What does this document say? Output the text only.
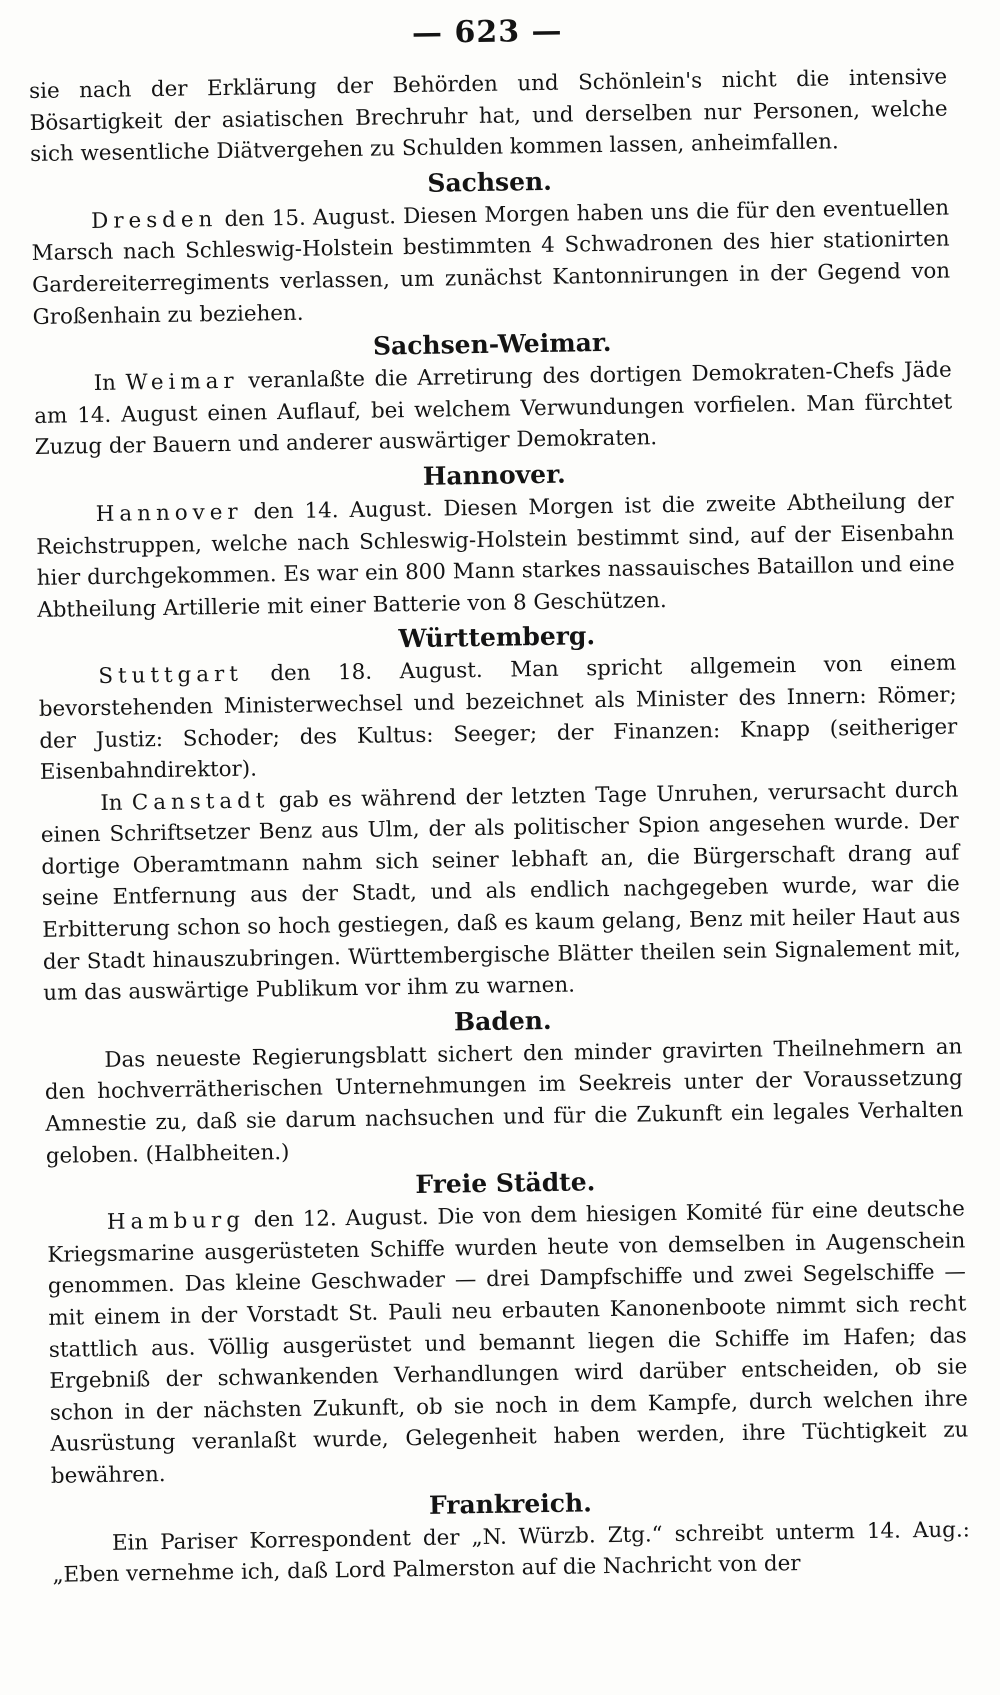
— 623 —

sie nach der Erklärung der Behörden und Schönlein's nicht die intensive Bösartigkeit der asiatischen Brechruhr hat, und derselben nur Personen, welche sich wesentliche Diätvergehen zu Schulden kommen lassen, anheimfallen.

Sachsen.

Dresden den 15. August. Diesen Morgen haben uns die für den eventuellen Marsch nach Schleswig-Holstein bestimmten 4 Schwadronen des hier stationirten Gardereiterregiments verlassen, um zunächst Kantonnirungen in der Gegend von Großenhain zu beziehen.

Sachsen-Weimar.

In Weimar veranlaßte die Arretirung des dortigen Demokraten-Chefs Jäde am 14. August einen Auflauf, bei welchem Verwundungen vorfielen. Man fürchtet Zuzug der Bauern und anderer auswärtiger Demokraten.

Hannover.

Hannover den 14. August. Diesen Morgen ist die zweite Abtheilung der Reichstruppen, welche nach Schleswig-Holstein bestimmt sind, auf der Eisenbahn hier durchgekommen. Es war ein 800 Mann starkes nassauisches Bataillon und eine Abtheilung Artillerie mit einer Batterie von 8 Geschützen.

Württemberg.

Stuttgart den 18. August. Man spricht allgemein von einem bevorstehenden Ministerwechsel und bezeichnet als Minister des Innern: Römer; der Justiz: Schoder; des Kultus: Seeger; der Finanzen: Knapp (seitheriger Eisenbahndirektor).

In Canstadt gab es während der letzten Tage Unruhen, verursacht durch einen Schriftsetzer Benz aus Ulm, der als politischer Spion angesehen wurde. Der dortige Oberamtmann nahm sich seiner lebhaft an, die Bürgerschaft drang auf seine Entfernung aus der Stadt, und als endlich nachgegeben wurde, war die Erbitterung schon so hoch gestiegen, daß es kaum gelang, Benz mit heiler Haut aus der Stadt hinauszubringen. Württembergische Blätter theilen sein Signalement mit, um das auswärtige Publikum vor ihm zu warnen.

Baden.

Das neueste Regierungsblatt sichert den minder gravirten Theilnehmern an den hochverrätherischen Unternehmungen im Seekreis unter der Voraussetzung Amnestie zu, daß sie darum nachsuchen und für die Zukunft ein legales Verhalten geloben. (Halbheiten.)

Freie Städte.

Hamburg den 12. August. Die von dem hiesigen Komité für eine deutsche Kriegsmarine ausgerüsteten Schiffe wurden heute von demselben in Augenschein genommen. Das kleine Geschwader — drei Dampfschiffe und zwei Segelschiffe — mit einem in der Vorstadt St. Pauli neu erbauten Kanonenboote nimmt sich recht stattlich aus. Völlig ausgerüstet und bemannt liegen die Schiffe im Hafen; das Ergebniß der schwankenden Verhandlungen wird darüber entscheiden, ob sie schon in der nächsten Zukunft, ob sie noch in dem Kampfe, durch welchen ihre Ausrüstung veranlaßt wurde, Gelegenheit haben werden, ihre Tüchtigkeit zu bewähren.

Frankreich.

Ein Pariser Korrespondent der „N. Würzb. Ztg.“ schreibt unterm 14. Aug.: „Eben vernehme ich, daß Lord Palmerston auf die Nachricht von der
